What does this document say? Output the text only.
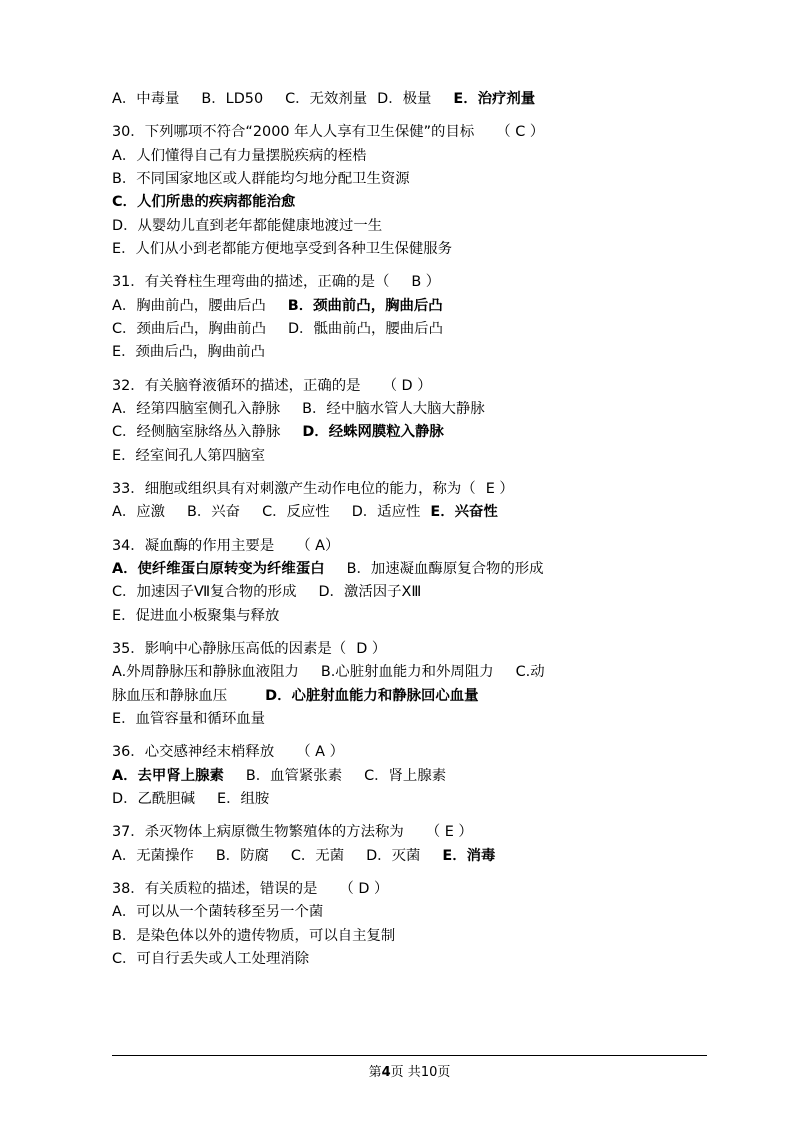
A．中毒量 B．LD50 C．无效剂量 D．极量 E．治疗剂量
30．下列哪项不符合“2000 年人人享有卫生保健”的目标 （ C ）
A．人们懂得自己有力量摆脱疾病的桎梏
B．不同国家地区或人群能均匀地分配卫生资源
C．人们所患的疾病都能治愈
D．从婴幼儿直到老年都能健康地渡过一生
E．人们从小到老都能方便地享受到各种卫生保健服务
31．有关脊柱生理弯曲的描述，正确的是（ B ）
A．胸曲前凸，腰曲后凸 B．颈曲前凸，胸曲后凸
C．颈曲后凸，胸曲前凸 D．骶曲前凸，腰曲后凸
E．颈曲后凸，胸曲前凸
32．有关脑脊液循环的描述，正确的是 （ D ）
A．经第四脑室侧孔入静脉 B．经中脑水管人大脑大静脉
C．经侧脑室脉络丛入静脉 D．经蛛网膜粒入静脉
E．经室间孔人第四脑室
33．细胞或组织具有对刺激产生动作电位的能力，称为（ E ）
A．应激 B．兴奋 C．反应性 D．适应性 E．兴奋性
34．凝血酶的作用主要是 （ A）
A．使纤维蛋白原转变为纤维蛋白 B．加速凝血酶原复合物的形成
C．加速因子Ⅶ复合物的形成 D．激活因子ⅩⅢ
E．促进血小板聚集与释放
35．影响中心静脉压高低的因素是（ D ）
A.外周静脉压和静脉血液阻力 B.心脏射血能力和外周阻力 C.动
脉血压和静脉血压	D．心脏射血能力和静脉回心血量
E．血管容量和循环血量
36．心交感神经末梢释放 （ A ）
A．去甲肾上腺素 B．血管紧张素 C．肾上腺素
D．乙酰胆碱 E．组胺
37．杀灭物体上病原微生物繁殖体的方法称为 （ E ）
A．无菌操作 B．防腐 C．无菌 D．灭菌 E．消毒
38．有关质粒的描述，错误的是 （ D ）
A．可以从一个菌转移至另一个菌
B．是染色体以外的遗传物质，可以自主复制
C．可自行丢失或人工处理消除
第4页 共10页
